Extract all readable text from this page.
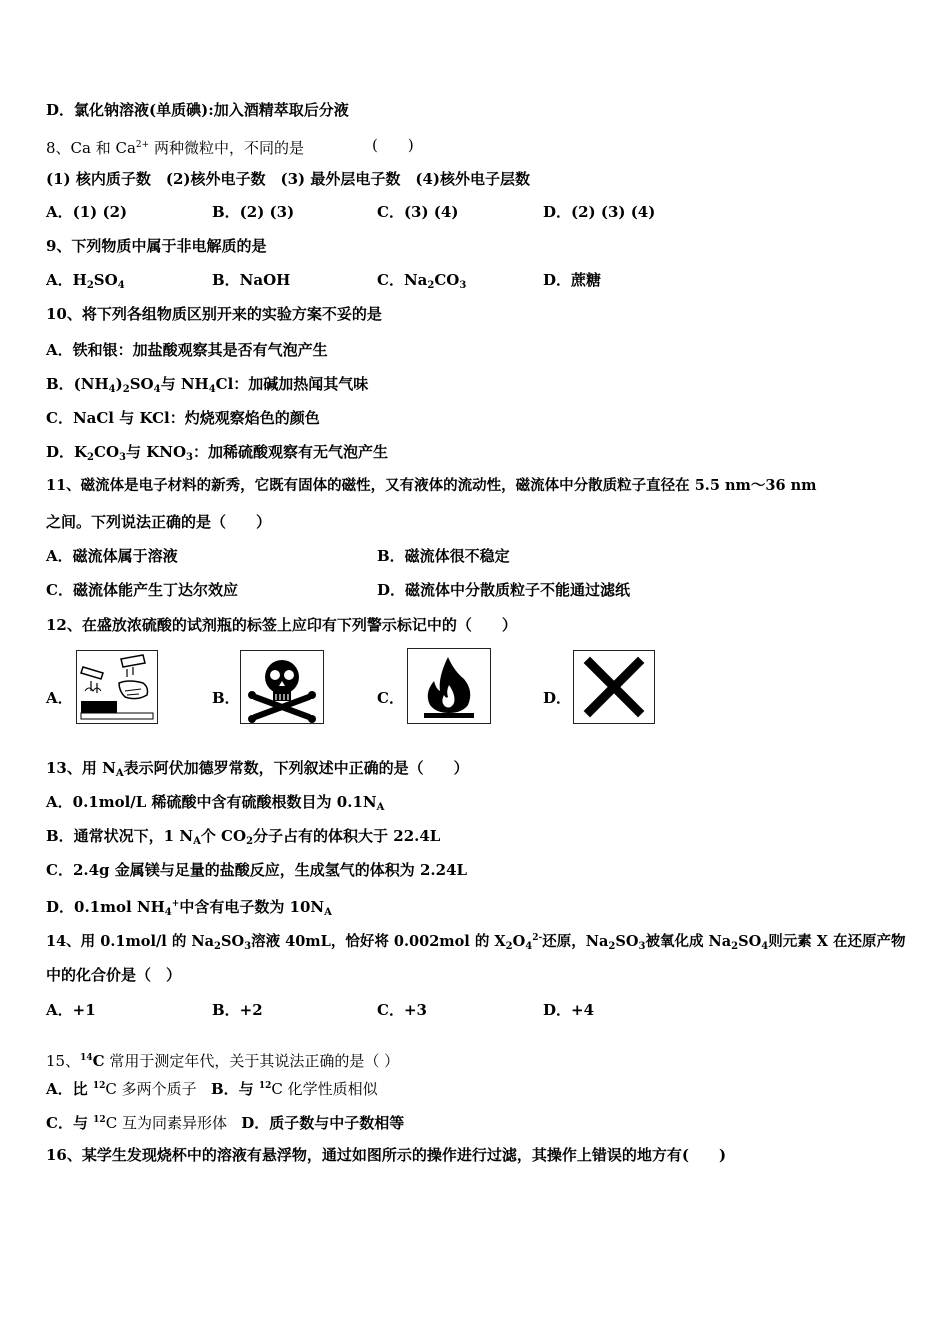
D．氯化钠溶液(单质碘):加入酒精萃取后分液
8、Ca 和 $Ca^{2+}$ 两种微粒中，不同的是	(　　)
(1) 核内质子数　(2)核外电子数　(3) 最外层电子数　(4)核外电子层数
A．(1) (2)	B．(2) (3)	C．(3) (4)	D．(2) (3) (4)
9、下列物质中属于非电解质的是
A．$H_2SO_4$	B．NaOH	C．$Na_2CO_3$	D．蔗糖
10、将下列各组物质区别开来的实验方案不妥的是
A．铁和银：加盐酸观察其是否有气泡产生
B．$(NH_4)_2SO_4$与 $NH_4Cl$：加碱加热闻其气味
C．NaCl 与 KCl：灼烧观察焰色的颜色
D．$K_2CO_3$与 $KNO_3$：加稀硫酸观察有无气泡产生
11、磁流体是电子材料的新秀，它既有固体的磁性，又有液体的流动性，磁流体中分散质粒子直径在 5.5 nm～36 nm
之间。下列说法正确的是（　　）
A．磁流体属于溶液	B．磁流体很不稳定
C．磁流体能产生丁达尔效应	D．磁流体中分散质粒子不能通过滤纸
12、在盛放浓硫酸的试剂瓶的标签上应印有下列警示标记中的（　　）
A．	B．	C．	D．
13、用 $N_A$表示阿伏加德罗常数，下列叙述中正确的是（　　）
A．0.1mol/L 稀硫酸中含有硫酸根数目为 $0.1N_A$
B．通常状况下，1 $N_A$个 $CO_2$分子占有的体积大于 22.4L
C．2.4g 金属镁与足量的盐酸反应，生成氢气的体积为 2.24L
D．0.1mol $NH_4^+$中含有电子数为 $10N_A$
14、用 0.1mol/l 的 $Na_2SO_3$溶液 40mL，恰好将 0.002mol 的 $X_2O_4^{2-}$还原，$Na_2SO_3$被氧化成 $Na_2SO_4$则元素 X 在还原产物
中的化合价是（　）
A．+1	B．+2	C．+3	D．+4
15、$^{14}$C 常用于测定年代，关于其说法正确的是（ ）
A．比 $^{12}$C 多两个质子 B．与 $^{12}$C 化学性质相似
C．与 $^{12}$C 互为同素异形体 D．质子数与中子数相等
16、某学生发现烧杯中的溶液有悬浮物，通过如图所示的操作进行过滤，其操作上错误的地方有(　　)
